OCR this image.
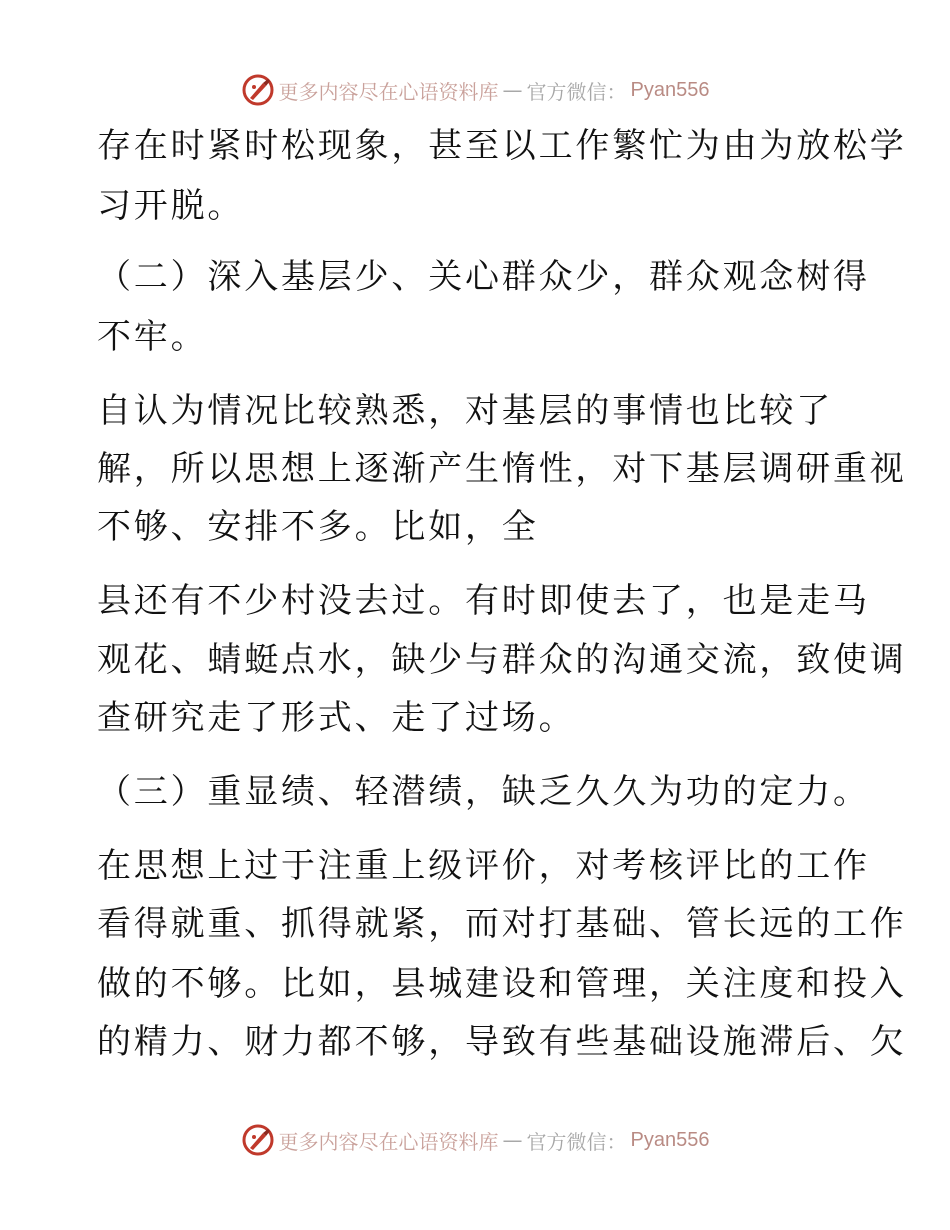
更多内容尽在心语资料库 — 官方微信： Pyan556
存在时紧时松现象，甚至以工作繁忙为由为放松学
习开脱。
（二）深入基层少、关心群众少，群众观念树得
不牢。
自认为情况比较熟悉，对基层的事情也比较了
解，所以思想上逐渐产生惰性，对下基层调研重视
不够、安排不多。比如，全
县还有不少村没去过。有时即使去了，也是走马
观花、蜻蜓点水，缺少与群众的沟通交流，致使调
查研究走了形式、走了过场。
（三）重显绩、轻潜绩，缺乏久久为功的定力。
在思想上过于注重上级评价，对考核评比的工作
看得就重、抓得就紧，而对打基础、管长远的工作
做的不够。比如，县城建设和管理，关注度和投入
的精力、财力都不够，导致有些基础设施滞后、欠
更多内容尽在心语资料库 — 官方微信： Pyan556
